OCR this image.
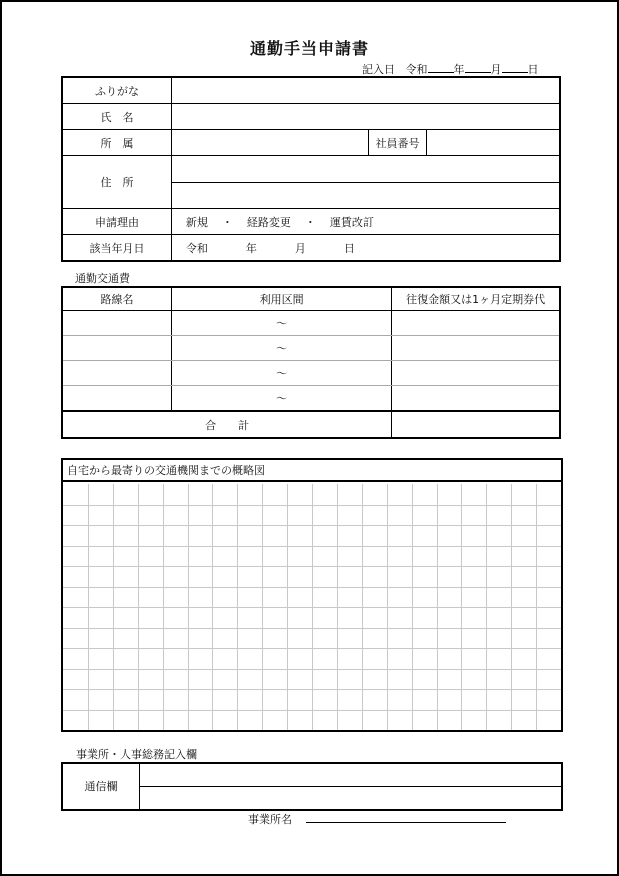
通勤手当申請書
記入日 令和 年 月 日
ふりがな			
氏　名			
所　属		社員番号	
住　所			

申請理由	新規 ・ 経路変更 ・ 運賃改訂		
該当年月日	令和 年 月 日		
通勤交通費
路線名	利用区間	往復金額又は1ヶ月定期券代
	～	
	～	
	～	
	～	
合　　計		
自宅から最寄りの交通機関までの概略図
事業所・人事総務記入欄
通信欄
事業所名
